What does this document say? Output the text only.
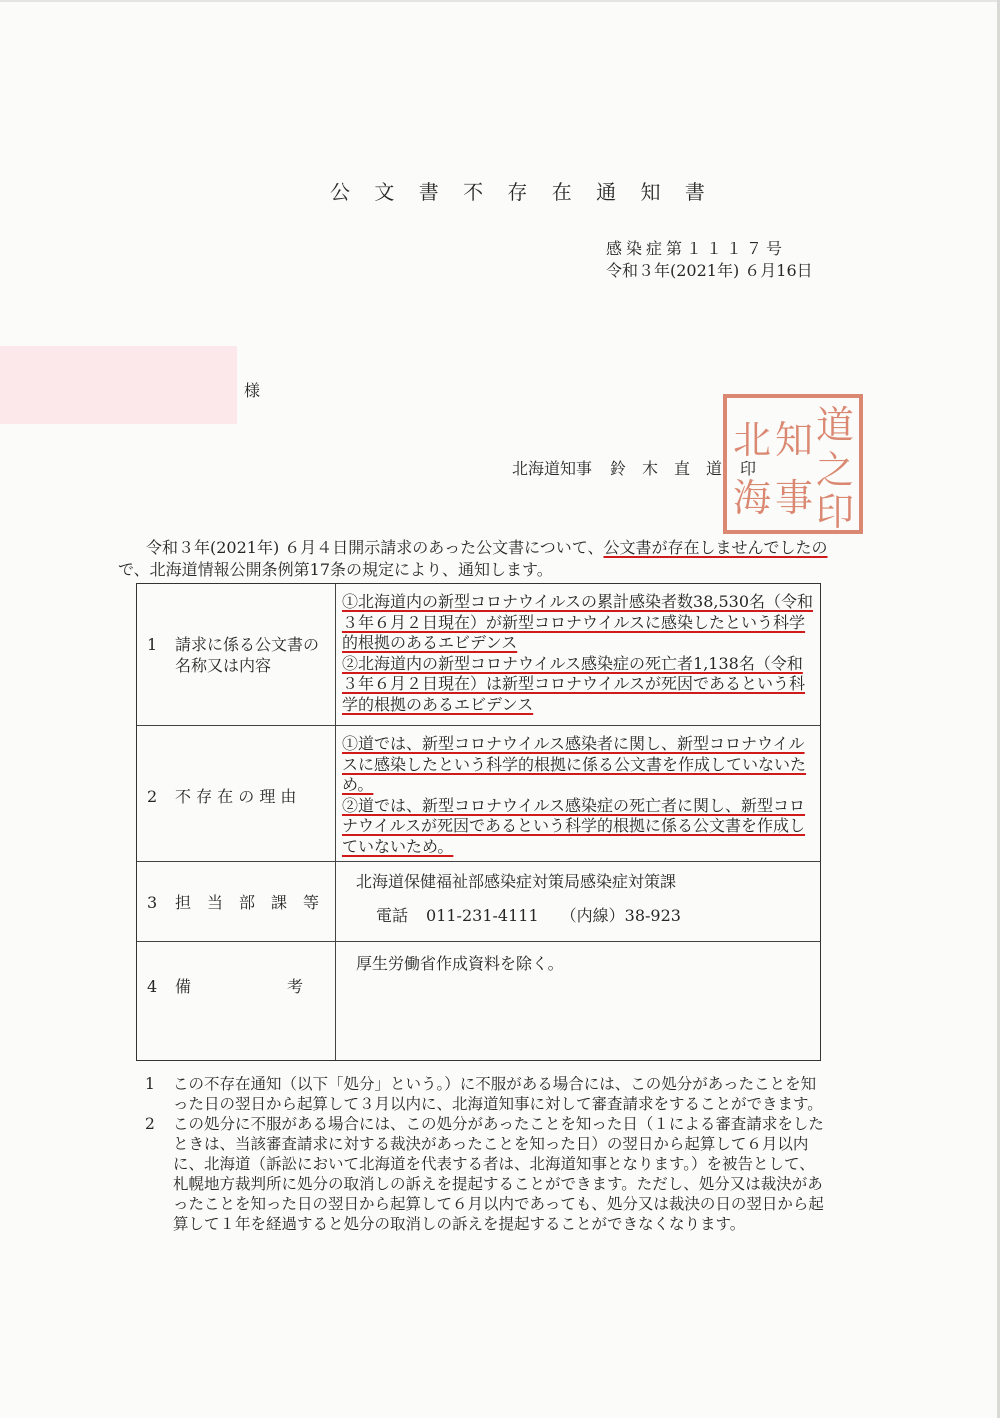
公 文 書 不 存 在 通 知 書
感染症第１１１７号
令和３年(2021年) ６月16日
様
北海道知事 鈴木直道 印
道
之
印
知
事
北
海
令和３年(2021年) ６月４日開示請求のあった公文書について、公文書が存在しませんでしたの
で、北海道情報公開条例第17条の規定により、通知します。
1 請求に係る公文書の
名称又は内容
①北海道内の新型コロナウイルスの累計感染者数38,530名（令和３年６月２日現在）が新型コロナウイルスに感染したという科学的根拠のあるエビデンス
②北海道内の新型コロナウイルス感染症の死亡者1,138名（令和３年６月２日現在）は新型コロナウイルスが死因であるという科学的根拠のあるエビデンス
2 不 存 在 の 理 由
①道では、新型コロナウイルス感染者に関し、新型コロナウイルスに感染したという科学的根拠に係る公文書を作成していないため。
②道では、新型コロナウイルス感染症の死亡者に関し、新型コロナウイルスが死因であるという科学的根拠に係る公文書を作成していないため。
3 担　当　部　課　等
北海道保健福祉部感染症対策局感染症対策課
電話 011-231-4111 （内線）38-923
4 備　　　　　　考
厚生労働省作成資料を除く。
1	この不存在通知（以下「処分」という。）に不服がある場合には、この処分があったことを知った日の翌日から起算して３月以内に、北海道知事に対して審査請求をすることができます。
2	この処分に不服がある場合には、この処分があったことを知った日（１による審査請求をしたときは、当該審査請求に対する裁決があったことを知った日）の翌日から起算して６月以内に、北海道（訴訟において北海道を代表する者は、北海道知事となります。）を被告として、札幌地方裁判所に処分の取消しの訴えを提起することができます。ただし、処分又は裁決があったことを知った日の翌日から起算して６月以内であっても、処分又は裁決の日の翌日から起算して１年を経過すると処分の取消しの訴えを提起することができなくなります。
